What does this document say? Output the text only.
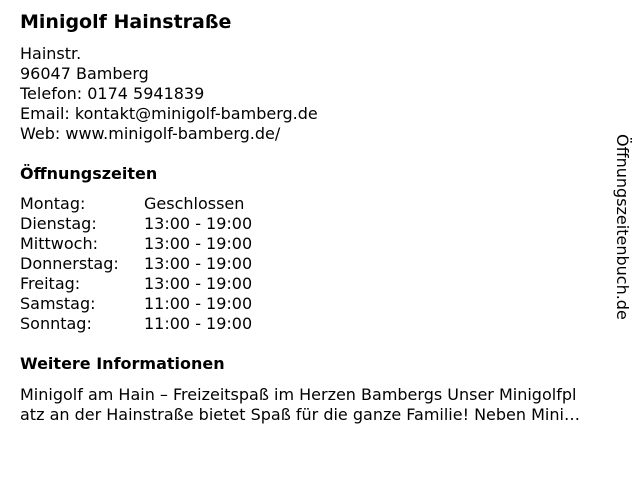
Minigolf Hainstraße
Hainstr.
96047 Bamberg
Telefon: 0174 5941839
Email: kontakt@minigolf-bamberg.de
Web: www.minigolf-bamberg.de/
Öffnungszeiten
Montag:	Geschlossen
Dienstag:	13:00 - 19:00
Mittwoch:	13:00 - 19:00
Donnerstag:	13:00 - 19:00
Freitag:	13:00 - 19:00
Samstag:	11:00 - 19:00
Sonntag:	11:00 - 19:00
Weitere Informationen
Minigolf am Hain – Freizeitspaß im Herzen Bambergs Unser Minigolfpl
atz an der Hainstraße bietet Spaß für die ganze Familie! Neben Mini…
Öffnungszeitenbuch.de
